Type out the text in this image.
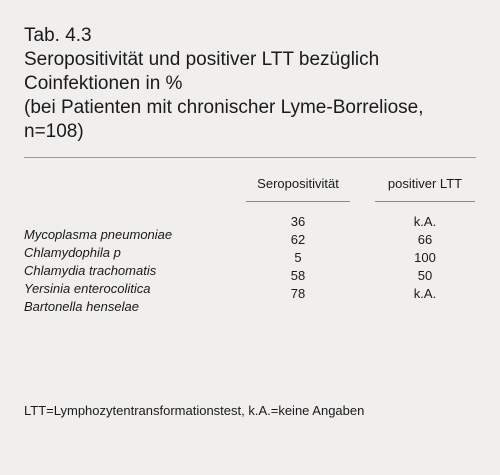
Tab. 4.3
Seropositivität und positiver LTT bezüglich
Coinfektionen in %
(bei Patienten mit chronischer Lyme-Borreliose,
n=108)
Seropositivität	positiver LTT
Mycoplasma pneumoniae
Chlamydophila p
Chlamydia trachomatis
Yersinia enterocolitica
Bartonella henselae
36
62
5
58
78
k.A.
66
100
50
k.A.
LTT=Lymphozytentransformationstest, k.A.=keine Angaben
